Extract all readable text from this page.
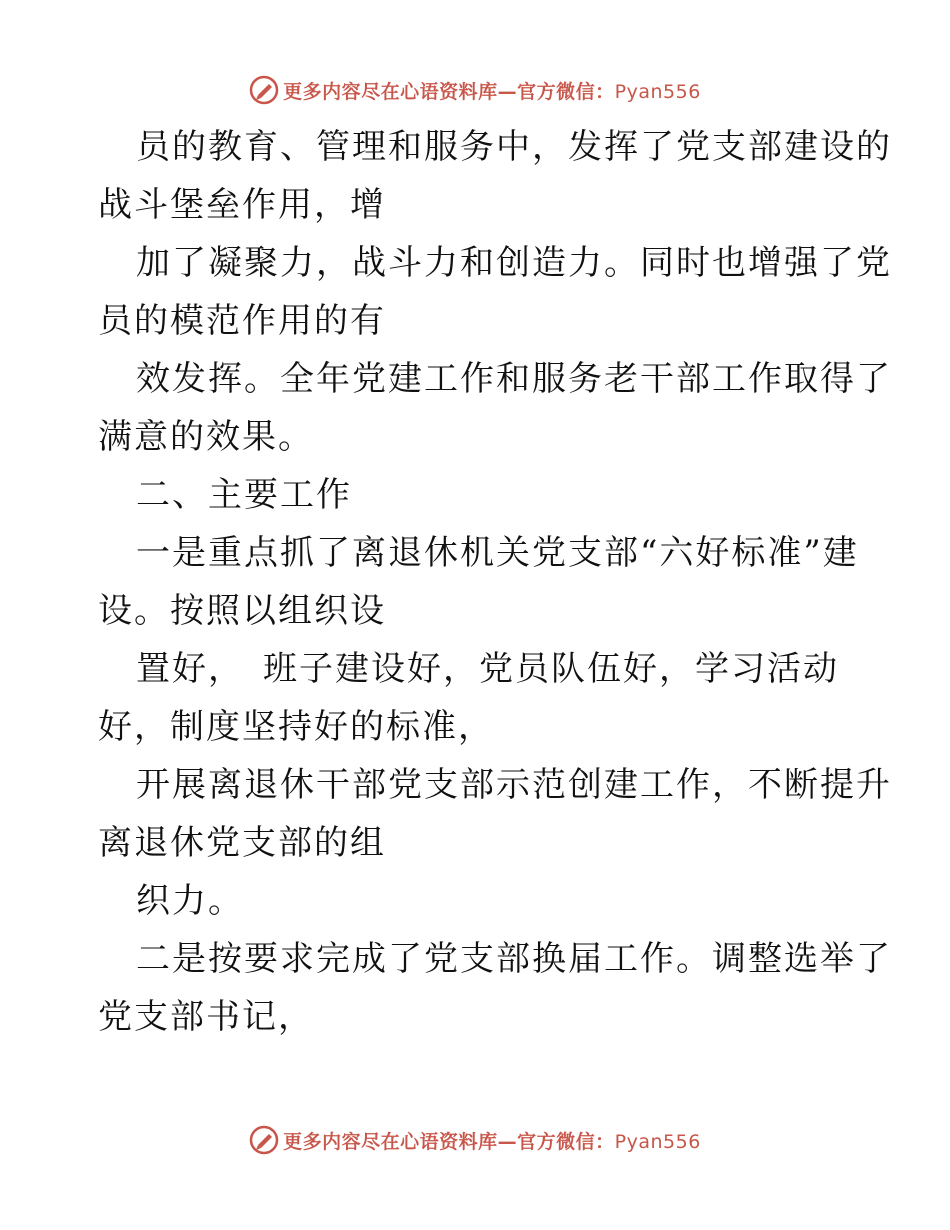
更多内容尽在心语资料库—官方微信：Pyan556
员的教育、管理和服务中，发挥了党支部建设的
战斗堡垒作用，增
加了凝聚力，战斗力和创造力。同时也增强了党
员的模范作用的有
效发挥。全年党建工作和服务老干部工作取得了
满意的效果。
二、主要工作
一是重点抓了离退休机关党支部“六好标准”建
设。按照以组织设
置好，　班子建设好，党员队伍好，学习活动
好，制度坚持好的标准，
开展离退休干部党支部示范创建工作，不断提升
离退休党支部的组
织力。
二是按要求完成了党支部换届工作。调整选举了
党支部书记，
更多内容尽在心语资料库—官方微信：Pyan556
